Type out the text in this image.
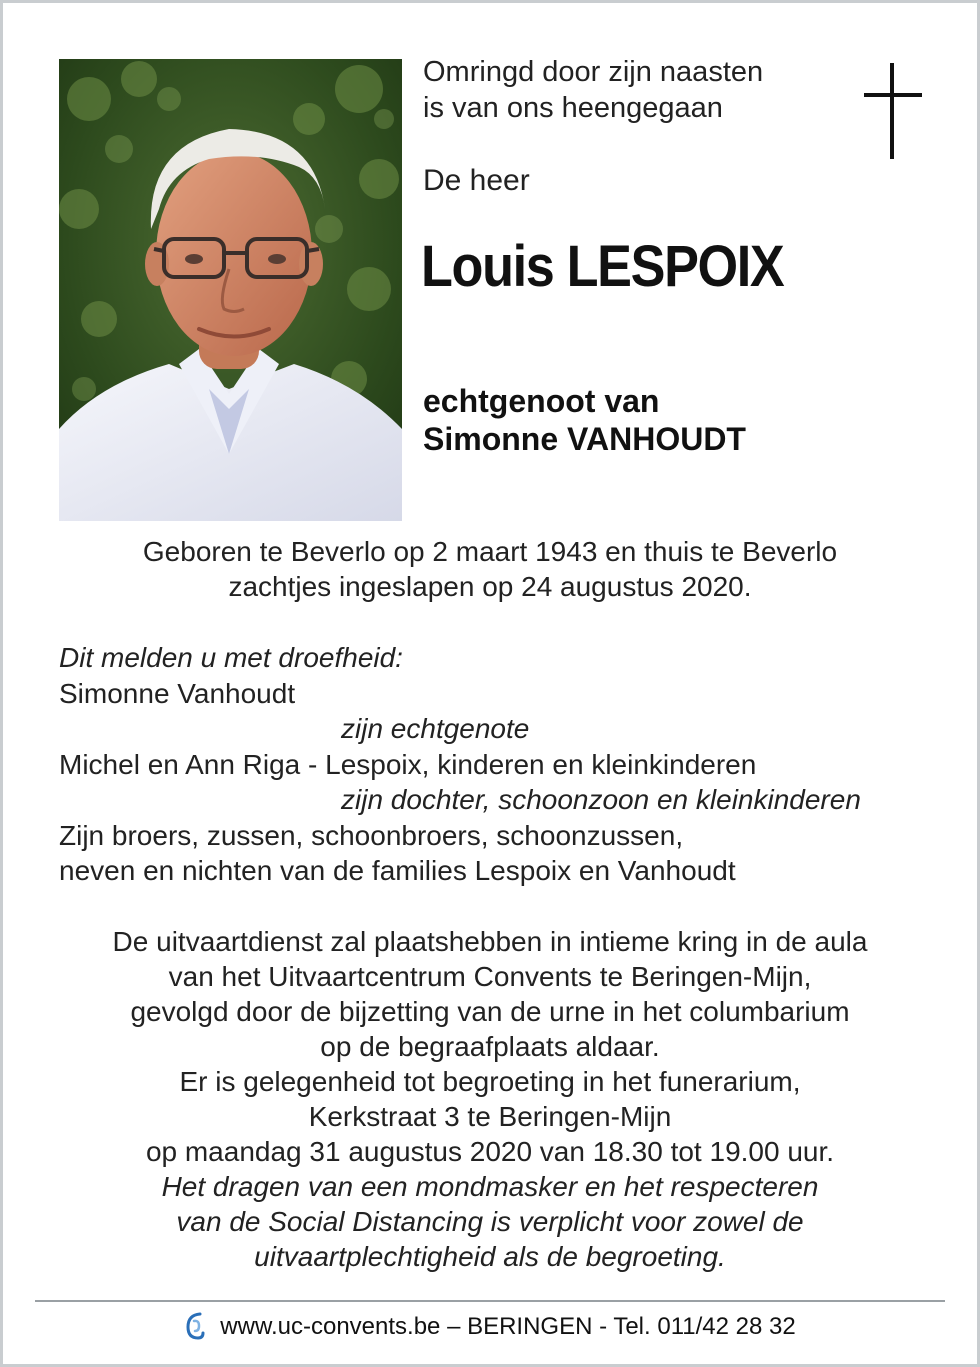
Omringd door zijn naasten
is van ons heengegaan
De heer
Louis LESPOIX
echtgenoot van
Simonne VANHOUDT
Geboren te Beverlo op 2 maart 1943 en thuis te Beverlo
zachtjes ingeslapen op 24 augustus 2020.
Dit melden u met droefheid:
Simonne Vanhoudt
zijn echtgenote
Michel en Ann Riga - Lespoix, kinderen en kleinkinderen
zijn dochter, schoonzoon en kleinkinderen
Zijn broers, zussen, schoonbroers, schoonzussen,
neven en nichten van de families Lespoix en Vanhoudt
De uitvaartdienst zal plaatshebben in intieme kring in de aula
van het Uitvaartcentrum Convents te Beringen-Mijn,
gevolgd door de bijzetting van de urne in het columbarium
op de begraafplaats aldaar.
Er is gelegenheid tot begroeting in het funerarium,
Kerkstraat 3 te Beringen-Mijn
op maandag 31 augustus 2020 van 18.30 tot 19.00 uur.
Het dragen van een mondmasker en het respecteren
van de Social Distancing is verplicht voor zowel de
uitvaartplechtigheid als de begroeting.
www.uc-convents.be – BERINGEN - Tel. 011/42 28 32
